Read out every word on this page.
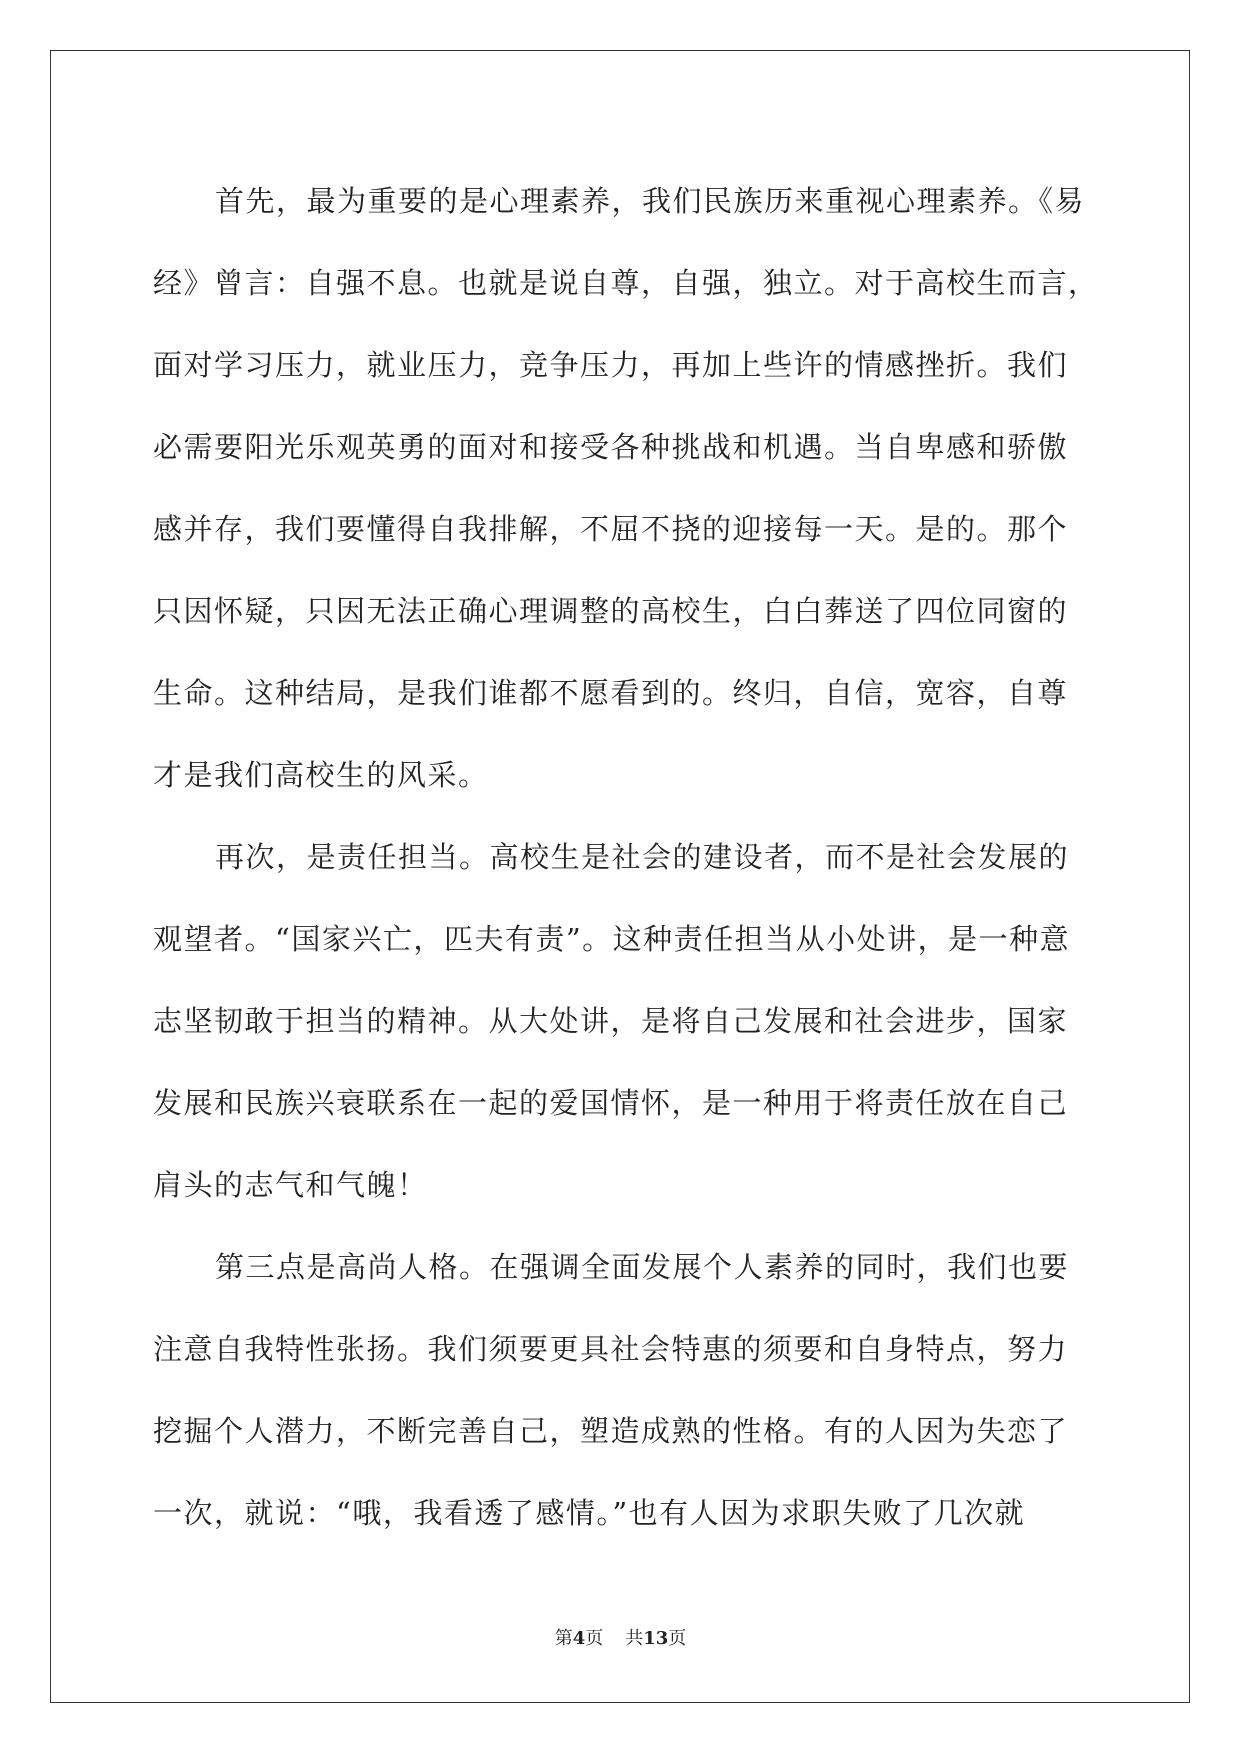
首先，最为重要的是心理素养，我们民族历来重视心理素养。《易
经》曾言：自强不息。也就是说自尊，自强，独立。对于高校生而言，
面对学习压力，就业压力，竞争压力，再加上些许的情感挫折。我们
必需要阳光乐观英勇的面对和接受各种挑战和机遇。当自卑感和骄傲
感并存，我们要懂得自我排解，不屈不挠的迎接每一天。是的。那个
只因怀疑，只因无法正确心理调整的高校生，白白葬送了四位同窗的
生命。这种结局，是我们谁都不愿看到的。终归，自信，宽容，自尊
才是我们高校生的风采。

再次，是责任担当。高校生是社会的建设者，而不是社会发展的
观望者。“国家兴亡，匹夫有责”。这种责任担当从小处讲，是一种意
志坚韧敢于担当的精神。从大处讲，是将自己发展和社会进步，国家
发展和民族兴衰联系在一起的爱国情怀，是一种用于将责任放在自己
肩头的志气和气魄！

第三点是高尚人格。在强调全面发展个人素养的同时，我们也要
注意自我特性张扬。我们须要更具社会特惠的须要和自身特点，努力
挖掘个人潜力，不断完善自己，塑造成熟的性格。有的人因为失恋了
一次，就说：“哦，我看透了感情。”也有人因为求职失败了几次就

第4页 共13页
